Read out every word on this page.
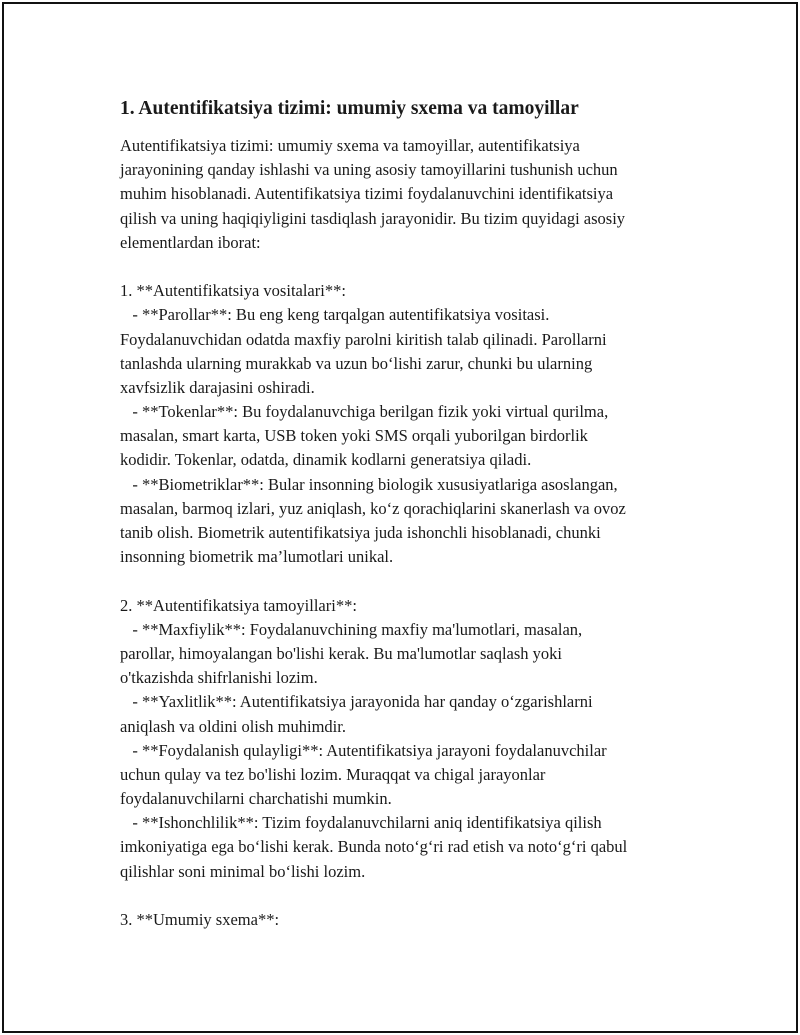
1. Autentifikatsiya tizimi: umumiy sxema va tamoyillar
Autentifikatsiya tizimi: umumiy sxema va tamoyillar, autentifikatsiya
jarayonining qanday ishlashi va uning asosiy tamoyillarini tushunish uchun
muhim hisoblanadi. Autentifikatsiya tizimi foydalanuvchini identifikatsiya
qilish va uning haqiqiyligini tasdiqlash jarayonidir. Bu tizim quyidagi asosiy
elementlardan iborat:
1. **Autentifikatsiya vositalari**:
- **Parollar**: Bu eng keng tarqalgan autentifikatsiya vositasi.
Foydalanuvchidan odatda maxfiy parolni kiritish talab qilinadi. Parollarni
tanlashda ularning murakkab va uzun bo‘lishi zarur, chunki bu ularning
xavfsizlik darajasini oshiradi.
- **Tokenlar**: Bu foydalanuvchiga berilgan fizik yoki virtual qurilma,
masalan, smart karta, USB token yoki SMS orqali yuborilgan birdorlik
kodidir. Tokenlar, odatda, dinamik kodlarni generatsiya qiladi.
- **Biometriklar**: Bular insonning biologik xususiyatlariga asoslangan,
masalan, barmoq izlari, yuz aniqlash, ko‘z qorachiqlarini skanerlash va ovoz
tanib olish. Biometrik autentifikatsiya juda ishonchli hisoblanadi, chunki
insonning biometrik ma’lumotlari unikal.
2. **Autentifikatsiya tamoyillari**:
- **Maxfiylik**: Foydalanuvchining maxfiy ma'lumotlari, masalan,
parollar, himoyalangan bo'lishi kerak. Bu ma'lumotlar saqlash yoki
o'tkazishda shifrlanishi lozim.
- **Yaxlitlik**: Autentifikatsiya jarayonida har qanday o‘zgarishlarni
aniqlash va oldini olish muhimdir.
- **Foydalanish qulayligi**: Autentifikatsiya jarayoni foydalanuvchilar
uchun qulay va tez bo'lishi lozim. Muraqqat va chigal jarayonlar
foydalanuvchilarni charchatishi mumkin.
- **Ishonchlilik**: Tizim foydalanuvchilarni aniq identifikatsiya qilish
imkoniyatiga ega bo‘lishi kerak. Bunda noto‘g‘ri rad etish va noto‘g‘ri qabul
qilishlar soni minimal bo‘lishi lozim.
3. **Umumiy sxema**:
